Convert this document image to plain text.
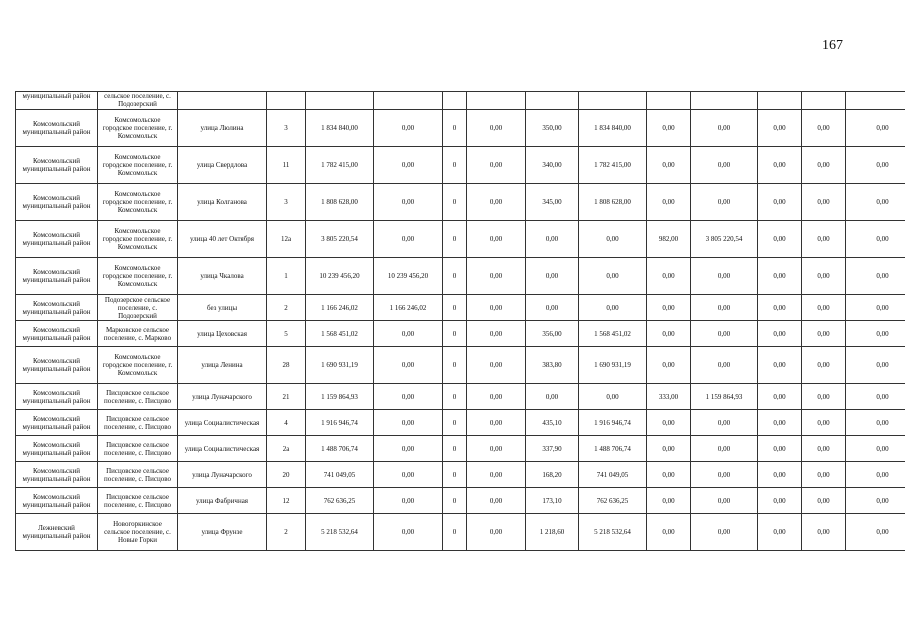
167
муниципальный район	сельское поселение, с. Подозерский													
Комсомольский муниципальный район	Комсомольское городское поселение, г. Комсомольск	улица Люлина	3	1 834 840,00	0,00	0	0,00	350,00	1 834 840,00	0,00	0,00	0,00	0,00	0,00
Комсомольский муниципальный район	Комсомольское городское поселение, г. Комсомольск	улица Свердлова	11	1 782 415,00	0,00	0	0,00	340,00	1 782 415,00	0,00	0,00	0,00	0,00	0,00
Комсомольский муниципальный район	Комсомольское городское поселение, г. Комсомольск	улица Колганова	3	1 808 628,00	0,00	0	0,00	345,00	1 808 628,00	0,00	0,00	0,00	0,00	0,00
Комсомольский муниципальный район	Комсомольское городское поселение, г. Комсомольск	улица 40 лет Октября	12а	3 805 220,54	0,00	0	0,00	0,00	0,00	982,00	3 805 220,54	0,00	0,00	0,00
Комсомольский муниципальный район	Комсомольское городское поселение, г. Комсомольск	улица Чкалова	1	10 239 456,20	10 239 456,20	0	0,00	0,00	0,00	0,00	0,00	0,00	0,00	0,00
Комсомольский муниципальный район	Подозерское сельское поселение, с. Подозерский	без улицы	2	1 166 246,02	1 166 246,02	0	0,00	0,00	0,00	0,00	0,00	0,00	0,00	0,00
Комсомольский муниципальный район	Марковское сельское поселение, с. Марково	улица Цеховская	5	1 568 451,02	0,00	0	0,00	356,00	1 568 451,02	0,00	0,00	0,00	0,00	0,00
Комсомольский муниципальный район	Комсомольское городское поселение, г. Комсомольск	улица Ленина	28	1 690 931,19	0,00	0	0,00	383,80	1 690 931,19	0,00	0,00	0,00	0,00	0,00
Комсомольский муниципальный район	Писцовское сельское поселение, с. Писцово	улица Луначарского	21	1 159 864,93	0,00	0	0,00	0,00	0,00	333,00	1 159 864,93	0,00	0,00	0,00
Комсомольский муниципальный район	Писцовское сельское поселение, с. Писцово	улица Социалистическая	4	1 916 946,74	0,00	0	0,00	435,10	1 916 946,74	0,00	0,00	0,00	0,00	0,00
Комсомольский муниципальный район	Писцовское сельское поселение, с. Писцово	улица Социалистическая	2а	1 488 706,74	0,00	0	0,00	337,90	1 488 706,74	0,00	0,00	0,00	0,00	0,00
Комсомольский муниципальный район	Писцовское сельское поселение, с. Писцово	улица Луначарского	20	741 049,05	0,00	0	0,00	168,20	741 049,05	0,00	0,00	0,00	0,00	0,00
Комсомольский муниципальный район	Писцовское сельское поселение, с. Писцово	улица Фабричная	12	762 636,25	0,00	0	0,00	173,10	762 636,25	0,00	0,00	0,00	0,00	0,00
Лежневский муниципальный район	Новогоркинское сельское поселение, с. Новые Горки	улица Фрунзе	2	5 218 532,64	0,00	0	0,00	1 218,60	5 218 532,64	0,00	0,00	0,00	0,00	0,00
